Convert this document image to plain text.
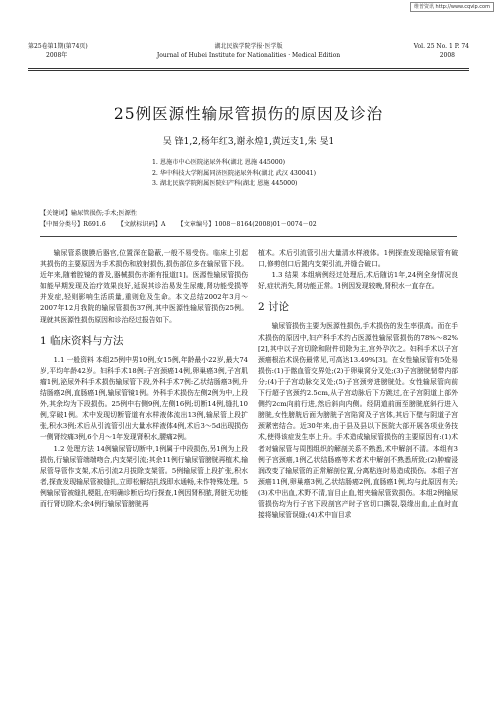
维普资讯 http://www.cqvip.com
第25卷第1期(第74页)
2008年
湖北民族学院学报·医学版
Journal of Hubei Institute for Nationalities · Medical Edition
Vol. 25 No. 1 P. 74
2008
25例医源性输尿管损伤的原因及诊治
吴 锋1,2,杨年红3,谢永煌1,黄远支1,朱 旻1
1. 恩施市中心医院泌尿外科(湖北 恩施 445000)
2. 华中科技大学附属同济医院泌尿外科(湖北 武汉 430041)
3. 湖北民族学院附属医院妇产科(湖北 恩施 445000)
【关键词】输尿管损伤;手术;医源性
【中图分类号】R691.6 【文献标识码】A 【文章编号】1008－8164(2008)01－0074－02

输尿管系腹膜后器官,位置深在隐蔽,一般不易受伤。临床上引起其损伤的主要原因为手术损伤和放射损伤,损伤部位多在输尿管下段。近年来,随着腔镜的普及,器械损伤亦渐有报道[1]。医源性输尿管损伤如能早期发现及治疗效果良好,延误其诊治易发生尿瘘,肾功能受损等并发症,轻则影响生活质量,重则危及生命。本文总结2002年3月～2007年12月我院的输尿管损伤37例,其中医源性输尿管损伤25例。现就其医源性损伤原因和诊治经过报告如下。

1 临床资料与方法

1.1 一般资料 本组25例中男10例,女15例,年龄最小22岁,最大74岁,平均年龄42岁。妇科手术18例:子宫颈癌14例,卵巢癌3例,子宫肌瘤1例,泌尿外科手术损伤输尿管下段,外科手术7例:乙状结肠癌3例,升结肠癌2例,直肠癌1例,输尿管镜1例。外科手术损伤左侧2例为中,上段外,其余均为下段损伤。25例中右侧9例,左侧16例;切断14例,缝扎10例,穿破1例。术中发现切断管道有水样液体流出13例,输尿管上段扩张,积水3例;术后从引流管引出大量水样液体4例,术后3～5d出现损伤一侧肾绞痛3例,6个月～1年发现肾积水,腰痛2例。

1.2 处理方法 14例输尿管切断中,1例属于中段损伤,另1例为上段损伤,行输尿管端端吻合,内支架引流;其余11例行输尿管膀胱再植术,输尿管导管作支架,术后引流2月拔除支架管。5例输尿管上段扩张,积水者,探查发现输尿管被缝扎,立即松解结扎线即水通畅,未作特殊处理。5例输尿管被缝扎梗阻,在明确诊断后均行探查,1例因肾积脓,肾脏无功能而行肾切除术;余4例行输尿管膀胱再

植术。术后引流管引出大量清水样液体。1例探查发现输尿管有破口,修剪创口后置内支架引流,并缝合破口。

1.3 结果 本组病例经过处理后,术后随访1年,24例全身情况良好,症状消失,肾功能正常。1例因发现较晚,肾积水一直存在。

2 讨论

输尿管损伤主要为医源性损伤,手术损伤的发生率很高。而在手术损伤的原因中,妇产科手术约占医源性输尿管损伤的78%～82%[2],其中以子宫切除和附件切除为主,宫外孕次之。妇科手术以子宫颈癌根治术误伤最常见,可高达13.49%[3]。在女性输尿管有5处易损伤:(1)于髂血管交界处;(2)于卵巢窝分叉处;(3)子宫膀胱韧带内部分;(4)于子宫动脉交叉处;(5)子宫颈旁进膀胱处。女性输尿管向前下行超子宫颈约2.5cm,从子宫动脉后下方跳过,在子宫阴道上部外侧约2cm向前行进,然后斜向内侧。经阴道前面至膀胱底斜行进入膀胱,女性膀胱后面为膀胱子宫陷窝及子宫体,其后下壁与阴道子宫颈紧密结合。近30年来,由于县及县以下医院大部开展各项业务技术,使得该症发生率上升。手术造成输尿管损伤的主要原因有:(1)术者对输尿管与周围组织的解剖关系不熟悉,术中解剖不清。本组有3例子宫颈癌,1例乙状结肠癌等术者术中解剖不熟悉所致;(2)肿瘤浸润改变了输尿管的正常解剖位置,分离粘连时易造成损伤。本组子宫颈癌11例,卵巢癌3例,乙状结肠癌2例,直肠癌1例,均与此原因有关;(3)术中出血,术野不清,盲目止血,钳夹输尿管致损伤。本组2例输尿管损伤均为行子宫下段剖宫产时子宫切口撕裂,裂缘出血,止血时直接将输尿管误缝;(4)术中盲目求
